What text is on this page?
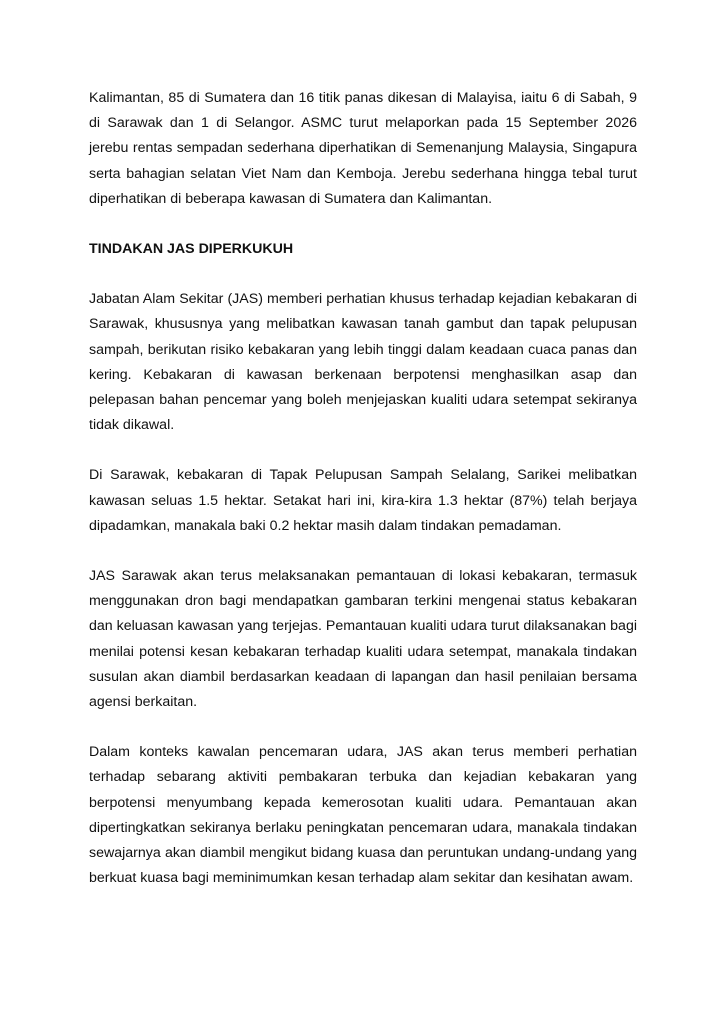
Kalimantan, 85 di Sumatera dan 16 titik panas dikesan di Malayisa, iaitu 6 di Sabah, 9 di Sarawak dan 1 di Selangor. ASMC turut melaporkan pada 15 September 2026 jerebu rentas sempadan sederhana diperhatikan di Semenanjung Malaysia, Singapura serta bahagian selatan Viet Nam dan Kemboja. Jerebu sederhana hingga tebal turut diperhatikan di beberapa kawasan di Sumatera dan Kalimantan.

TINDAKAN JAS DIPERKUKUH

Jabatan Alam Sekitar (JAS) memberi perhatian khusus terhadap kejadian kebakaran di Sarawak, khususnya yang melibatkan kawasan tanah gambut dan tapak pelupusan sampah, berikutan risiko kebakaran yang lebih tinggi dalam keadaan cuaca panas dan kering. Kebakaran di kawasan berkenaan berpotensi menghasilkan asap dan pelepasan bahan pencemar yang boleh menjejaskan kualiti udara setempat sekiranya tidak dikawal.

Di Sarawak, kebakaran di Tapak Pelupusan Sampah Selalang, Sarikei melibatkan kawasan seluas 1.5 hektar. Setakat hari ini, kira-kira 1.3 hektar (87%) telah berjaya dipadamkan, manakala baki 0.2 hektar masih dalam tindakan pemadaman.

JAS Sarawak akan terus melaksanakan pemantauan di lokasi kebakaran, termasuk menggunakan dron bagi mendapatkan gambaran terkini mengenai status kebakaran dan keluasan kawasan yang terjejas. Pemantauan kualiti udara turut dilaksanakan bagi menilai potensi kesan kebakaran terhadap kualiti udara setempat, manakala tindakan susulan akan diambil berdasarkan keadaan di lapangan dan hasil penilaian bersama agensi berkaitan.

Dalam konteks kawalan pencemaran udara, JAS akan terus memberi perhatian terhadap sebarang aktiviti pembakaran terbuka dan kejadian kebakaran yang berpotensi menyumbang kepada kemerosotan kualiti udara. Pemantauan akan dipertingkatkan sekiranya berlaku peningkatan pencemaran udara, manakala tindakan sewajarnya akan diambil mengikut bidang kuasa dan peruntukan undang-undang yang berkuat kuasa bagi meminimumkan kesan terhadap alam sekitar dan kesihatan awam.
